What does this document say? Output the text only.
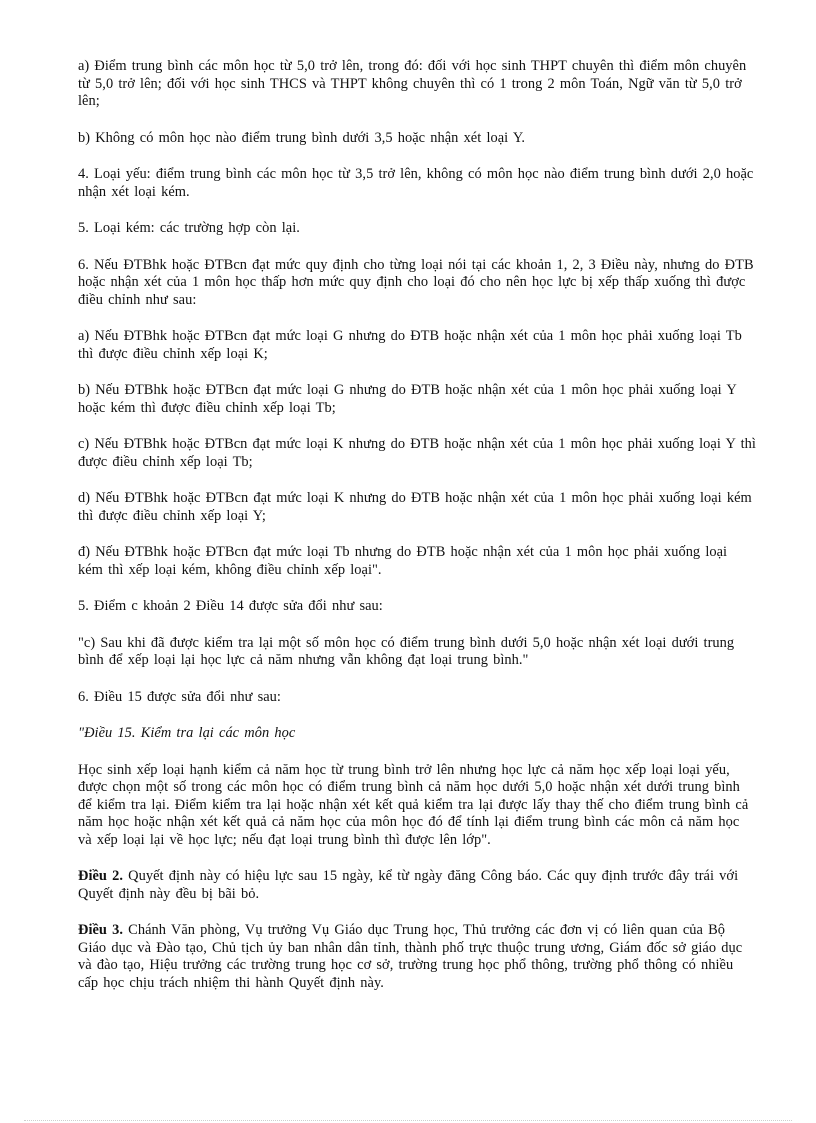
a) Điểm trung bình các môn học từ 5,0 trở lên, trong đó: đối với học sinh THPT chuyên thì điểm môn chuyên từ 5,0 trở lên; đối với học sinh THCS và THPT không chuyên thì có 1 trong 2 môn Toán, Ngữ văn từ 5,0 trở lên;

b) Không có môn học nào điểm trung bình dưới 3,5 hoặc nhận xét loại Y.

4. Loại yếu: điểm trung bình các môn học từ 3,5 trở lên, không có môn học nào điểm trung bình dưới 2,0 hoặc nhận xét loại kém.

5. Loại kém: các trường hợp còn lại.

6. Nếu ĐTBhk hoặc ĐTBcn đạt mức quy định cho từng loại nói tại các khoản 1, 2, 3 Điều này, nhưng do ĐTB hoặc nhận xét của 1 môn học thấp hơn mức quy định cho loại đó cho nên học lực bị xếp thấp xuống thì được điều chỉnh như sau:

a) Nếu ĐTBhk hoặc ĐTBcn đạt mức loại G nhưng do ĐTB hoặc nhận xét của 1 môn học phải xuống loại Tb thì được điều chỉnh xếp loại K;

b) Nếu ĐTBhk hoặc ĐTBcn đạt mức loại G nhưng do ĐTB hoặc nhận xét của 1 môn học phải xuống loại Y hoặc kém thì được điều chỉnh xếp loại Tb;

c) Nếu ĐTBhk hoặc ĐTBcn đạt mức loại K nhưng do ĐTB hoặc nhận xét của 1 môn học phải xuống loại Y thì được điều chỉnh xếp loại Tb;

d) Nếu ĐTBhk hoặc ĐTBcn đạt mức loại K nhưng do ĐTB hoặc nhận xét của 1 môn học phải xuống loại kém thì được điều chỉnh xếp loại Y;

đ) Nếu ĐTBhk hoặc ĐTBcn đạt mức loại Tb nhưng do ĐTB hoặc nhận xét của 1 môn học phải xuống loại kém thì xếp loại kém, không điều chỉnh xếp loại".

5. Điểm c khoản 2 Điều 14 được sửa đổi như sau:

"c) Sau khi đã được kiểm tra lại một số môn học có điểm trung bình dưới 5,0 hoặc nhận xét loại dưới trung bình để xếp loại lại học lực cả năm nhưng vẫn không đạt loại trung bình."

6. Điều 15 được sửa đổi như sau:

"Điều 15. Kiểm tra lại các môn học

Học sinh xếp loại hạnh kiểm cả năm học từ trung bình trở lên nhưng học lực cả năm học xếp loại loại yếu, được chọn một số trong các môn học có điểm trung bình cả năm học dưới 5,0 hoặc nhận xét dưới trung bình để kiểm tra lại. Điểm kiểm tra lại hoặc nhận xét kết quả kiểm tra lại được lấy thay thế cho điểm trung bình cả năm học hoặc nhận xét kết quả cả năm học của môn học đó để tính lại điểm trung bình các môn cả năm học và xếp loại lại về học lực; nếu đạt loại trung bình thì được lên lớp".

Điều 2. Quyết định này có hiệu lực sau 15 ngày, kể từ ngày đăng Công báo. Các quy định trước đây trái với Quyết định này đều bị bãi bỏ.

Điều 3. Chánh Văn phòng, Vụ trưởng Vụ Giáo dục Trung học, Thủ trưởng các đơn vị có liên quan của Bộ Giáo dục và Đào tạo, Chủ tịch ủy ban nhân dân tỉnh, thành phố trực thuộc trung ương, Giám đốc sở giáo dục và đào tạo, Hiệu trưởng các trường trung học cơ sở, trường trung học phổ thông, trường phổ thông có nhiều cấp học chịu trách nhiệm thi hành Quyết định này.
